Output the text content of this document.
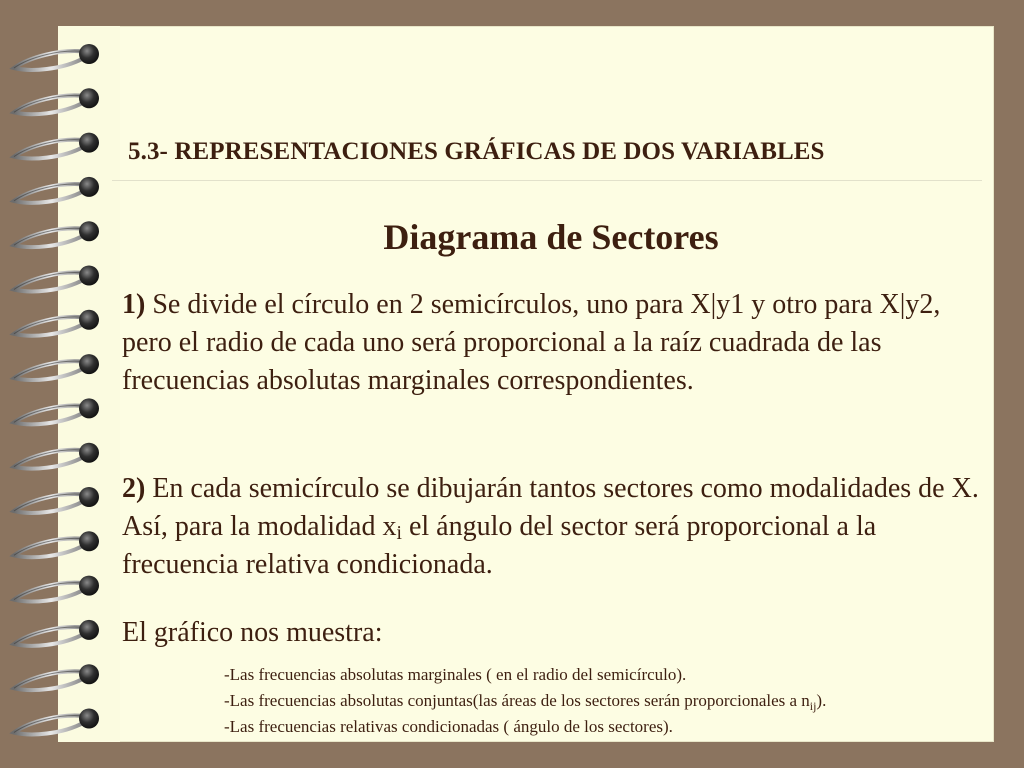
5.3- REPRESENTACIONES GRÁFICAS DE DOS VARIABLES
Diagrama de Sectores
1) Se divide el círculo en 2 semicírculos, uno para X|y1 y otro para X|y2, pero el radio de cada uno será proporcional a la raíz cuadrada de las frecuencias absolutas marginales correspondientes.
2) En cada semicírculo se dibujarán tantos sectores como modalidades de X. Así, para la modalidad $x_i$ el ángulo del sector será proporcional a la frecuencia relativa condicionada.
El gráfico nos muestra:
-Las frecuencias absolutas marginales ( en el radio del semicírculo).
-Las frecuencias absolutas conjuntas(las áreas de los sectores serán proporcionales a $n_{ij}$).
-Las frecuencias relativas condicionadas ( ángulo de los sectores).
